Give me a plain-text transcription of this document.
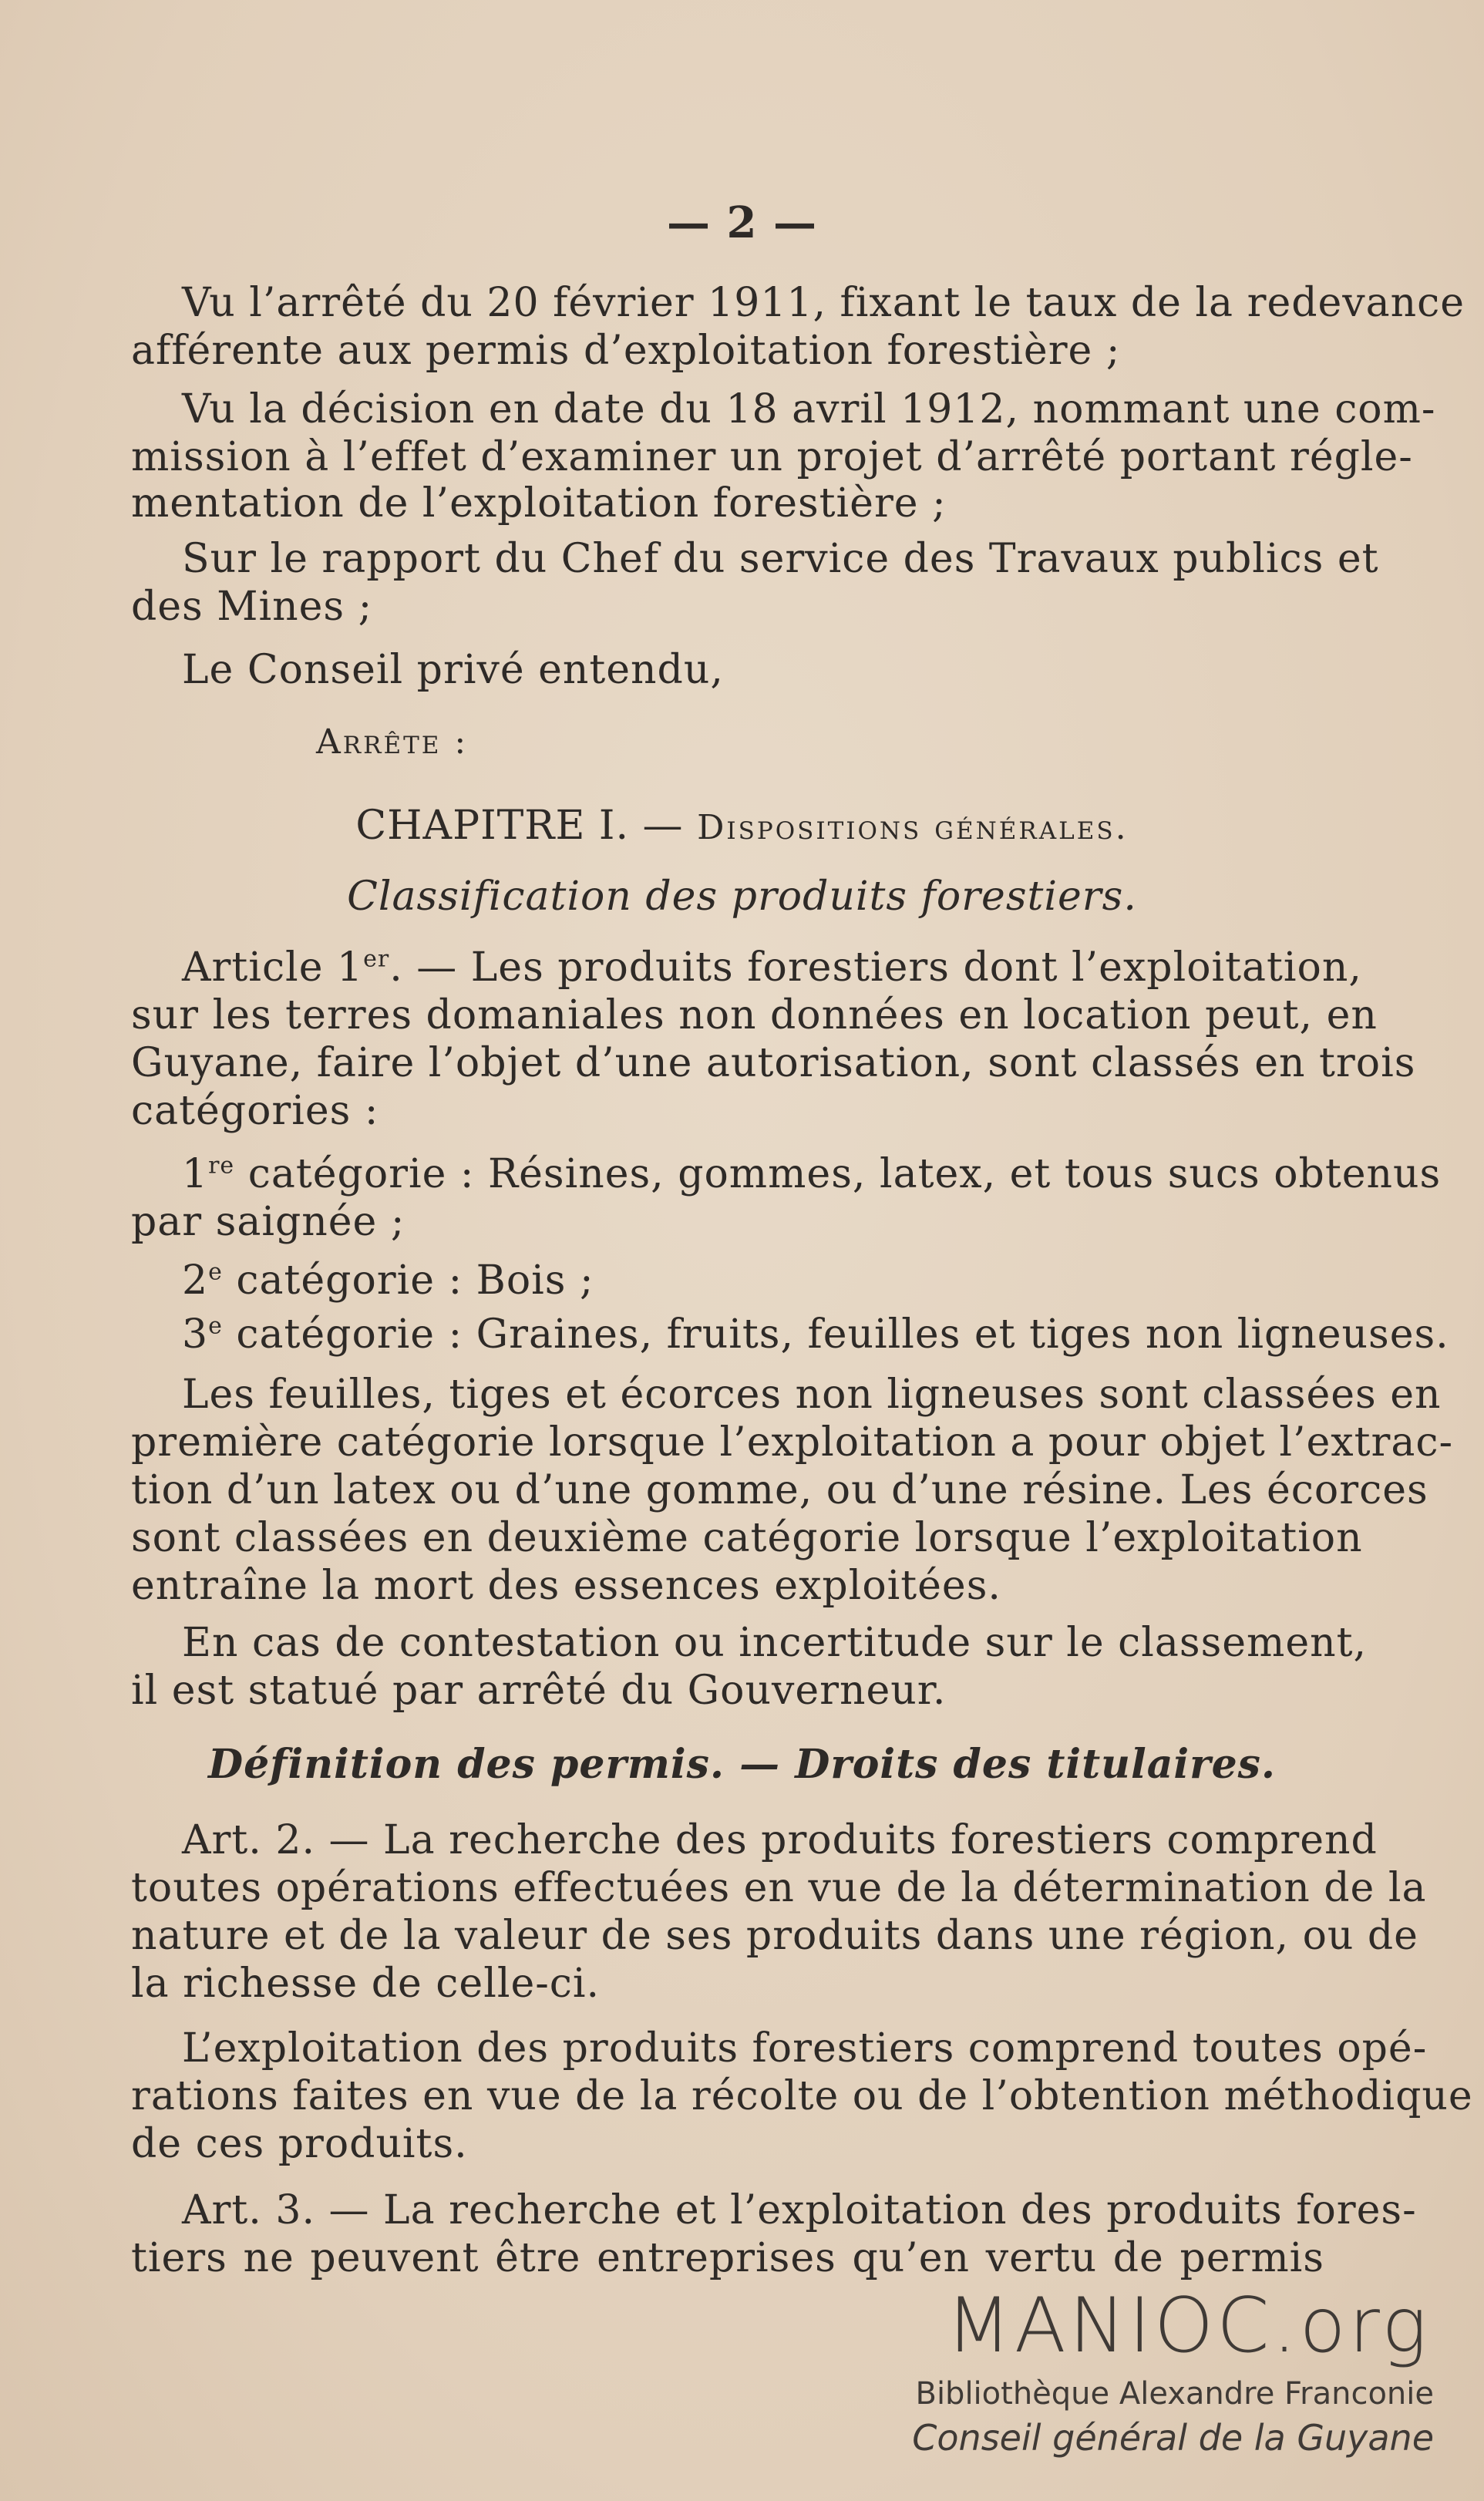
— 2 —
Vu l’arrêté du 20 février 1911, fixant le taux de la redevance
afférente aux permis d’exploitation forestière ;
Vu la décision en date du 18 avril 1912, nommant une com-
mission à l’effet d’examiner un projet d’arrêté portant régle-
mentation de l’exploitation forestière ;
Sur le rapport du Chef du service des Travaux publics et
des Mines ;
Le Conseil privé entendu,
Arrête :
CHAPITRE I. — Dispositions générales.
Classification des produits forestiers.
Article 1er. — Les produits forestiers dont l’exploitation,
sur les terres domaniales non données en location peut, en
Guyane, faire l’objet d’une autorisation, sont classés en trois
catégories :
1re catégorie : Résines, gommes, latex, et tous sucs obtenus
par saignée ;
2e catégorie : Bois ;
3e catégorie : Graines, fruits, feuilles et tiges non ligneuses.
Les feuilles, tiges et écorces non ligneuses sont classées en
première catégorie lorsque l’exploitation a pour objet l’extrac-
tion d’un latex ou d’une gomme, ou d’une résine. Les écorces
sont classées en deuxième catégorie lorsque l’exploitation
entraîne la mort des essences exploitées.
En cas de contestation ou incertitude sur le classement,
il est statué par arrêté du Gouverneur.
Définition des permis. — Droits des titulaires.
Art. 2. — La recherche des produits forestiers comprend
toutes opérations effectuées en vue de la détermination de la
nature et de la valeur de ses produits dans une région, ou de
la richesse de celle-ci.
L’exploitation des produits forestiers comprend toutes opé-
rations faites en vue de la récolte ou de l’obtention méthodique
de ces produits.
Art. 3. — La recherche et l’exploitation des produits fores-
tiers ne peuvent être entreprises qu’en vertu de permis
MANIOC.org
Bibliothèque Alexandre Franconie
Conseil général de la Guyane
